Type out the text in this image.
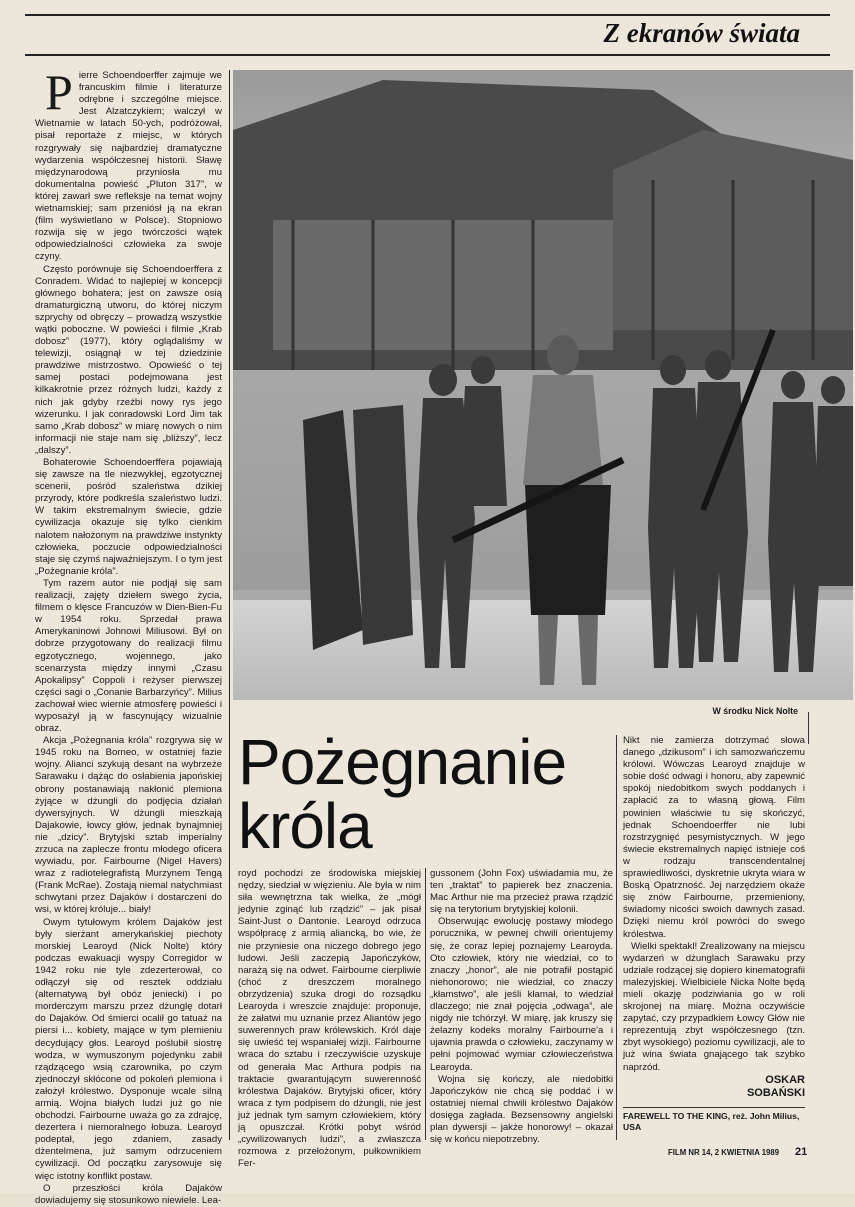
Z ekranów świata
P ierre Schoendoerffer zajmuje we francuskim filmie i literaturze odrębne i szczególne miejsce. Jest Alzatczykiem; walczył w Wietnamie w latach 50-ych, podróżował, pisał reportaże z miejsc, w których rozgrywały się najbardziej dramatyczne wydarzenia współczesnej historii. Sławę międzynarodową przyniosła mu dokumentalna powieść „Pluton 317”, w której zawarł swe refleksje na temat wojny wietnamskiej; sam przeniósł ją na ekran (film wyświetlano w Polsce). Stopniowo rozwija się w jego twórczości wątek odpowiedzialności człowieka za swoje czyny.

Często porównuje się Schoendoerffera z Conradem. Widać to najlepiej w koncepcji głównego bohatera; jest on zawsze osią dramaturgiczną utworu, do której niczym szprychy od obręczy – prowadzą wszystkie wątki poboczne. W powieści i filmie „Krab dobosz” (1977), który oglądaliśmy w telewizji, osiągnął w tej dziedzinie prawdziwe mistrzostwo. Opowieść o tej samej postaci podejmowana jest kilkakrotnie przez różnych ludzi, każdy z nich jak gdyby rzeźbi nowy rys jego wizerunku. I jak conradowski Lord Jim tak samo „Krab dobosz” w miarę nowych o nim informacji nie staje nam się „bliższy”, lecz „dalszy”.

Bohaterowie Schoendoerffera pojawiają się zawsze na tle niezwykłej, egzotycznej scenerii, pośród szaleństwa dzikiej przyrody, które podkreśla szaleństwo ludzi. W takim ekstremalnym świecie, gdzie cywilizacja okazuje się tylko cienkim nalotem nałożonym na prawdziwe instynkty człowieka, poczucie odpowiedzialności staje się czymś najważniejszym. I o tym jest „Pożegnanie króla”.

Tym razem autor nie podjął się sam realizacji, zajęty dziełem swego życia, filmem o klęsce Francuzów w Dien-Bien-Fu w 1954 roku. Sprzedał prawa Amerykaninowi Johnowi Miliusowi. Był on dobrze przygotowany do realizacji filmu egzotycznego, wojennego, jako scenarzysta między innymi „Czasu Apokalipsy” Coppoli i reżyser pierwszej części sagi o „Conanie Barbarzyńcy”. Milius zachował wiec wiernie atmosferę powieści i wyposażył ją w fascynujący wizualnie obraz.

Akcja „Pożegnania króla” rozgrywa się w 1945 roku na Borneo, w ostatniej fazie wojny. Alianci szykują desant na wybrzeże Sarawaku i dążąc do osłabienia japońskiej obrony postanawiają nakłonić plemiona żyjące w dżungli do podjęcia działań dywersyjnych. W dżungli mieszkają Dajakowie, łowcy głów, jednak bynajmniej nie „dzicy”. Brytyjski sztab imperialny zrzuca na zaplecze frontu młodego oficera wywiadu, por. Fairbourne (Nigel Havers) wraz z radiotelegrafistą Murzynem Tengą (Frank McRae). Zostają niemal natychmiast schwytani przez Dajaków i dostarczeni do wsi, w której króluje... biały!

Owym tytułowym królem Dajaków jest były sierżant amerykańskiej piechoty morskiej Learoyd (Nick Nolte) który podczas ewakuacji wyspy Corregidor w 1942 roku nie tyle zdezerterował, co odłączył się od resztek oddziału (alternatywą był obóz jeniecki) i po morderczym marszu przez dżunglę dotarł do Dajaków. Od śmierci ocalił go tatuaż na piersi i... kobiety, mające w tym plemieniu decydujący głos. Learoyd poślubił siostrę wodza, w wymuszonym pojedynku zabił rządzącego wsią czarownika, po czym zjednoczył skłócone od pokoleń plemiona i założył królestwo. Dysponuje wcale silną armią. Wojna białych ludzi już go nie obchodzi. Fairbourne uważa go za zdrajcę, dezertera i niemoralnego łobuza. Learoyd podeptał, jego zdaniem, zasady dżentelmena, już samym odrzuceniem cywilizacji. Od początku zarysowuje się więc istotny konflikt postaw.

O przeszłości króla Dajaków dowiadujemy się stosunkowo niewiele. Lea-

W środku Nick Nolte
Pożegnanie króla

royd pochodzi ze środowiska miejskiej nędzy, siedział w więzieniu. Ale była w nim siła wewnętrzna tak wielka, że „mógł jedynie zginąć lub rządzić” – jak pisał Saint-Just o Dantonie. Learoyd odrzuca współpracę z armią aliancką, bo wie, że nie przyniesie ona niczego dobrego jego ludowi. Jeśli zaczepią Japończyków, narażą się na odwet. Fairbourne cierpliwie (choć z dreszczem moralnego obrzydzenia) szuka drogi do rozsądku Learoyda i wreszcie znajduje: proponuje, że załatwi mu uznanie przez Aliantów jego suwerennych praw królewskich. Król daje się uwieść tej wspaniałej wizji. Fairbourne wraca do sztabu i rzeczywiście uzyskuje od generała Mac Arthura podpis na traktacie gwarantującym suwerenność królestwa Dajaków. Brytyjski oficer, który wraca z tym podpisem do dżungli, nie jest już jednak tym samym człowiekiem, który ją opuszczał. Krótki pobyt wśród „cywilizowanych ludzi”, a zwłaszcza rozmowa z przełożonym, pułkownikiem Fer-

gussonem (John Fox) uświadamia mu, że ten „traktat” to papierek bez znaczenia. Mac Arthur nie ma przecież prawa rządzić się na terytorium brytyjskiej kolonii.

Obserwując ewolucję postawy młodego porucznika, w pewnej chwili orientujemy się, że coraz lepiej poznajemy Learoyda. Oto człowiek, który nie wiedział, co to znaczy „honor”, ale nie potrafił postąpić niehonorowo; nie wiedział, co znaczy „kłamstwo”, ale jeśli kłamał, to wiedział dlaczego; nie znał pojęcia „odwaga”, ale nigdy nie tchórzył. W miarę, jak kruszy się żelazny kodeks moralny Fairbourne'a i ujawnia prawda o człowieku, zaczynamy w pełni pojmować wymiar człowieczeństwa Learoyda.

Wojna się kończy, ale niedobitki Japończyków nie chcą się poddać i w ostatniej niemal chwili królestwo Dajaków dosięga zagłada. Bezsensowny angielski plan dywersji – jakże honorowy! – okazał się w końcu niepotrzebny.

Nikt nie zamierza dotrzymać słowa danego „dzikusom” i ich samozwańczemu królowi. Wówczas Learoyd znajduje w sobie dość odwagi i honoru, aby zapewnić spokój niedobitkom swych poddanych i zapłacić za to własną głową. Film powinien właściwie tu się skończyć, jednak Schoendoerffer nie lubi rozstrzygnięć pesymistycznych. W jego świecie ekstremalnych napięć istnieje coś w rodzaju transcendentalnej sprawiedliwości, dyskretnie ukryta wiara w Boską Opatrzność. Jej narzędziem okaże się znów Fairbourne, przemieniony, świadomy nicości swoich dawnych zasad. Dzięki niemu król powróci do swego królestwa.

Wielki spektakl! Zrealizowany na miejscu wydarzeń w dżunglach Sarawaku przy udziale rodzącej się dopiero kinematografii malezyjskiej. Wielbiciele Nicka Nolte będą mieli okazję podziwiania go w roli skrojonej na miarę. Można oczywiście zapytać, czy przypadkiem Łowcy Głów nie reprezentują zbyt współczesnego (tzn. zbyt wysokiego) poziomu cywilizacji, ale to już wina świata gnającego tak szybko naprzód.

OSKAR
SOBAŃSKI

FAREWELL TO THE KING, reż. John Milius, USA
FILM NR 14, 2 KWIETNIA 1989 21
